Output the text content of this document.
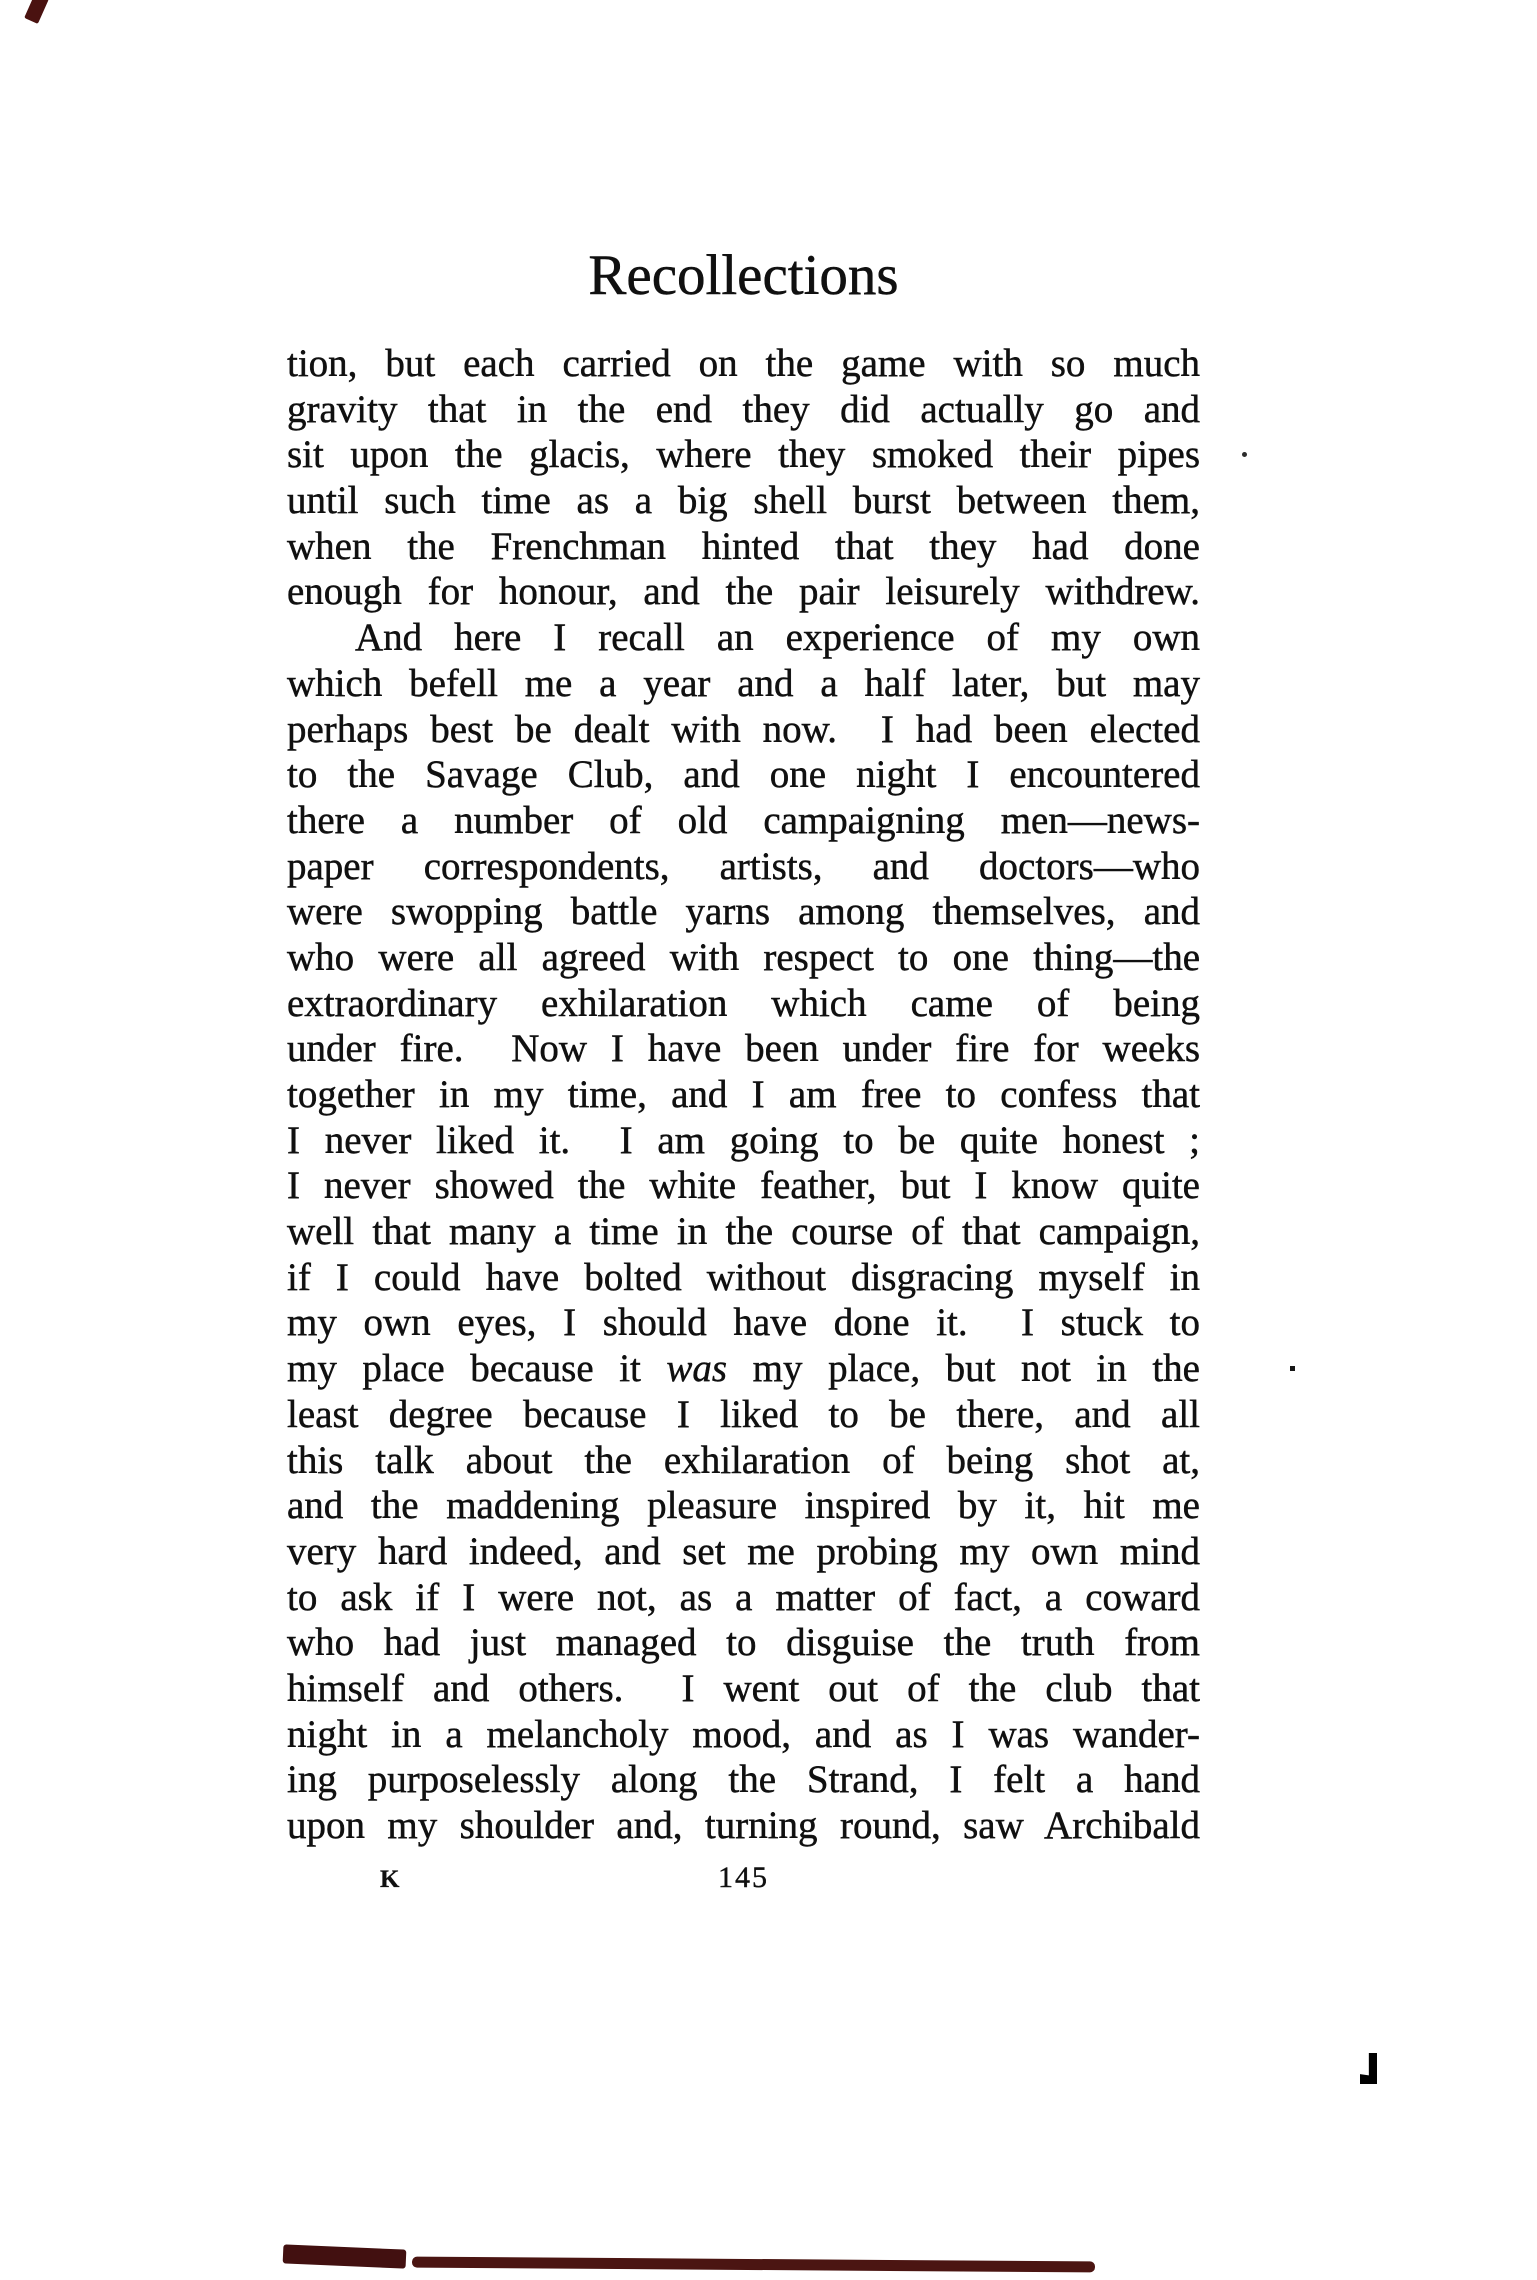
Recollections
tion, but each carried on the game with so much
gravity that in the end they did actually go and
sit upon the glacis, where they smoked their pipes
until such time as a big shell burst between them,
when the Frenchman hinted that they had done
enough for honour, and the pair leisurely withdrew.
And here I recall an experience of my own
which befell me a year and a half later, but may
perhaps best be dealt with now.  I had been elected
to the Savage Club, and one night I encountered
there a number of old campaigning men—news-
paper correspondents, artists, and doctors—who
were swopping battle yarns among themselves, and
who were all agreed with respect to one thing—the
extraordinary exhilaration which came of being
under fire.  Now I have been under fire for weeks
together in my time, and I am free to confess that
I never liked it.  I am going to be quite honest ;
I never showed the white feather, but I know quite
well that many a time in the course of that campaign,
if I could have bolted without disgracing myself in
my own eyes, I should have done it.  I stuck to
my place because it was my place, but not in the
least degree because I liked to be there, and all
this talk about the exhilaration of being shot at,
and the maddening pleasure inspired by it, hit me
very hard indeed, and set me probing my own mind
to ask if I were not, as a matter of fact, a coward
who had just managed to disguise the truth from
himself and others.  I went out of the club that
night in a melancholy mood, and as I was wander-
ing purposelessly along the Strand, I felt a hand
upon my shoulder and, turning round, saw Archibald
K	145
